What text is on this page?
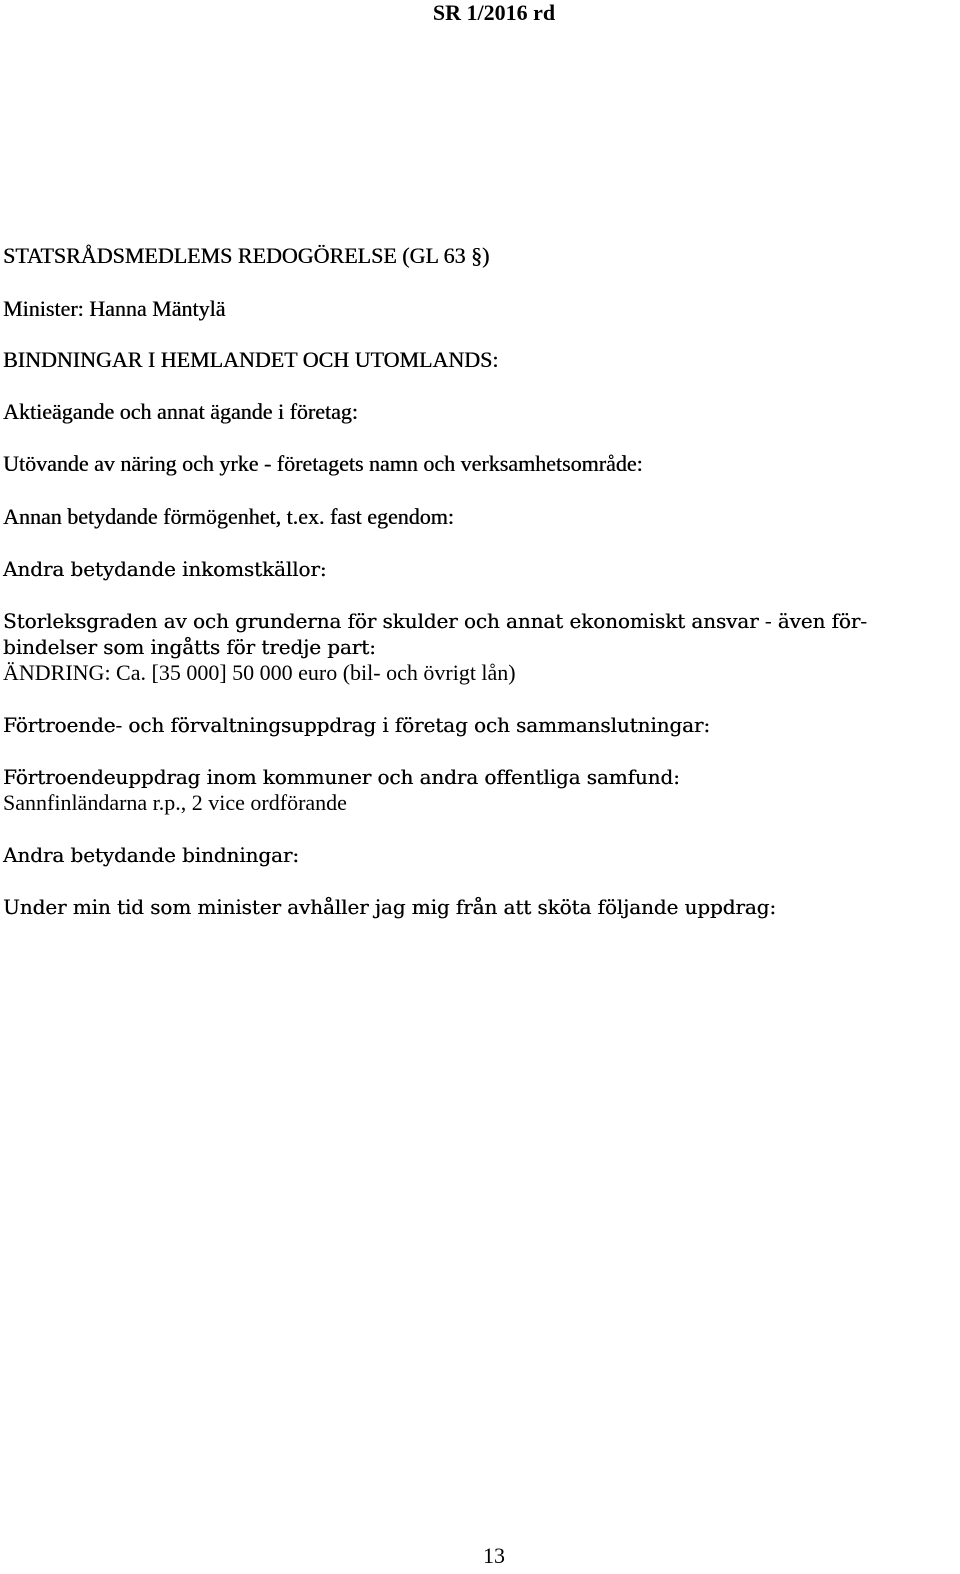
SR 1/2016 rd
STATSRÅDSMEDLEMS REDOGÖRELSE (GL 63 §)
Minister: Hanna Mäntylä
BINDNINGAR I HEMLANDET OCH UTOMLANDS:
Aktieägande och annat ägande i företag:
Utövande av näring och yrke - företagets namn och verksamhetsområde:
Annan betydande förmögenhet, t.ex. fast egendom:
Andra betydande inkomstkällor:
Storleksgraden av och grunderna för skulder och annat ekonomiskt ansvar - även för-
bindelser som ingåtts för tredje part:
ÄNDRING: Ca. [35 000] 50 000 euro (bil- och övrigt lån)
Förtroende- och förvaltningsuppdrag i företag och sammanslutningar:
Förtroendeuppdrag inom kommuner och andra offentliga samfund:
Sannfinländarna r.p., 2 vice ordförande
Andra betydande bindningar:
Under min tid som minister avhåller jag mig från att sköta följande uppdrag:
13
